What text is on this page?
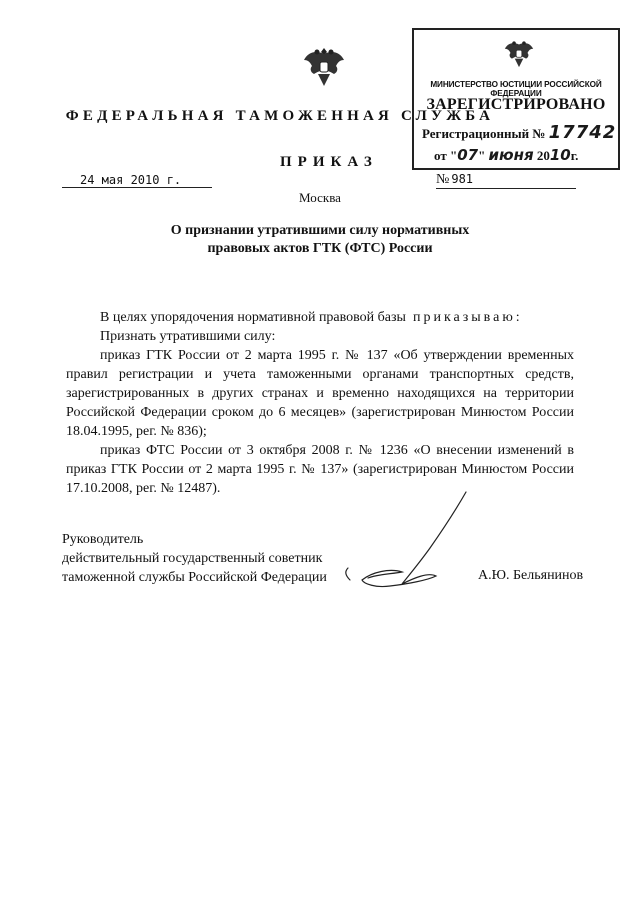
ФЕДЕРАЛЬНАЯ ТАМОЖЕННАЯ СЛУЖБА
МИНИСТЕРСТВО ЮСТИЦИИ РОССИЙСКОЙ ФЕДЕРАЦИИ
ЗАРЕГИСТРИРОВАНО
Регистрационный № 17742
от "07" июня 2010г.
ПРИКАЗ
24 мая 2010 г.	№ 981
Москва
О признании утратившими силу нормативных
правовых актов ГТК (ФТС) России

В целях упорядочения нормативной правовой базы приказываю:

Признать утратившими силу:

приказ ГТК России от 2 марта 1995 г. № 137 «Об утверждении временных правил регистрации и учета таможенными органами транспортных средств, зарегистрированных в других странах и временно находящихся на территории Российской Федерации сроком до 6 месяцев» (зарегистрирован Минюстом России 18.04.1995, рег. № 836);

приказ ФТС России от 3 октября 2008 г. № 1236 «О внесении изменений в приказ ГТК России от 2 марта 1995 г. № 137» (зарегистрирован Минюстом России 17.10.2008, рег. № 12487).

Руководитель
действительный государственный советник
таможенной службы Российской Федерации	А.Ю. Бельянинов
